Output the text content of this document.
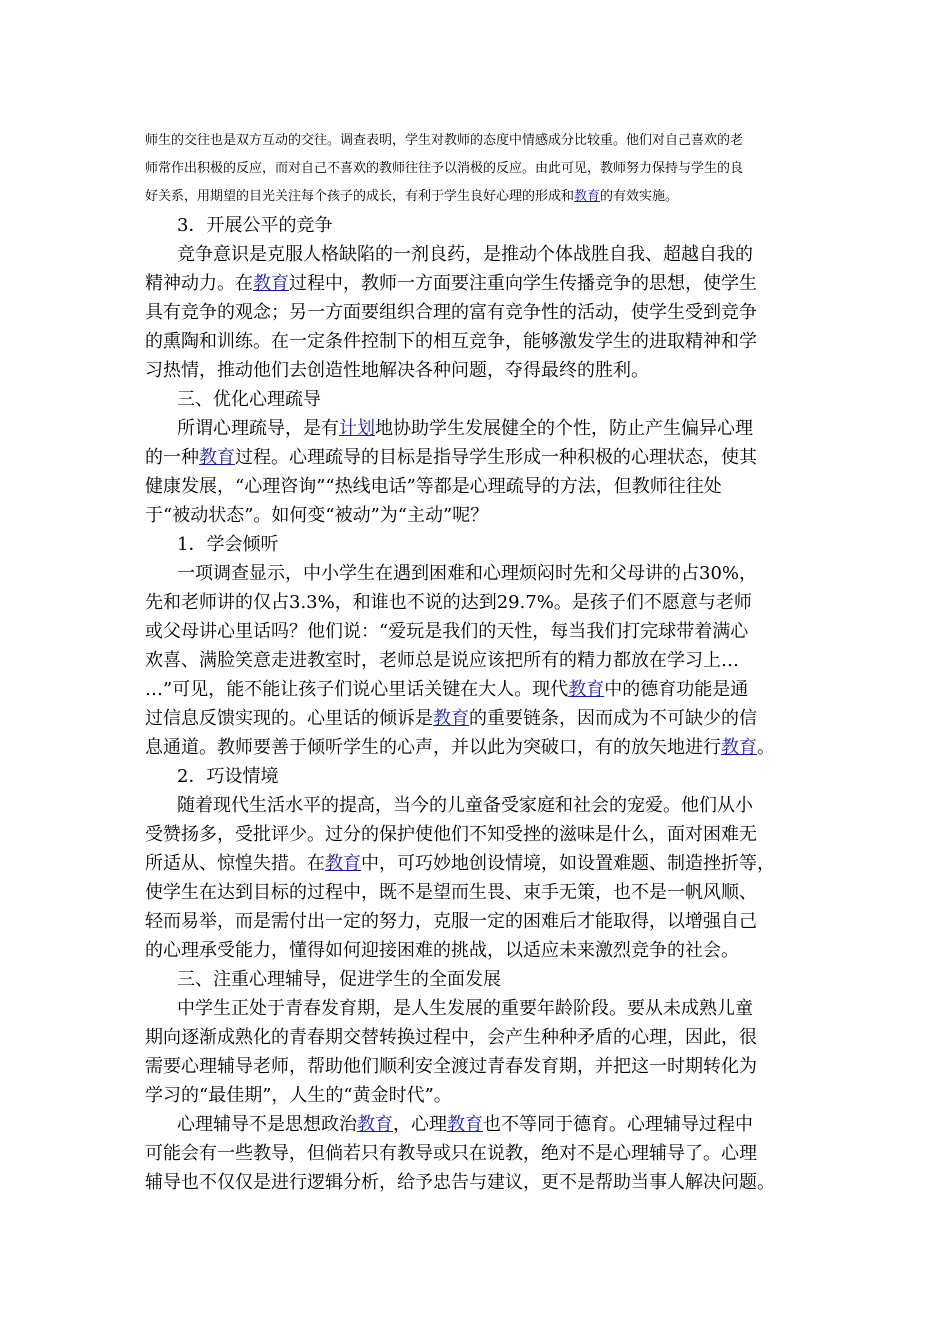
师生的交往也是双方互动的交往。调查表明，学生对教师的态度中情感成分比较重。他们对自己喜欢的老
师常作出积极的反应，而对自己不喜欢的教师往往予以消极的反应。由此可见，教师努力保持与学生的良
好关系，用期望的目光关注每个孩子的成长，有利于学生良好心理的形成和教育的有效实施。
3．开展公平的竞争
竞争意识是克服人格缺陷的一剂良药，是推动个体战胜自我、超越自我的
精神动力。在教育过程中，教师一方面要注重向学生传播竞争的思想，使学生
具有竞争的观念；另一方面要组织合理的富有竞争性的活动，使学生受到竞争
的熏陶和训练。在一定条件控制下的相互竞争，能够激发学生的进取精神和学
习热情，推动他们去创造性地解决各种问题，夺得最终的胜利。
三、优化心理疏导
所谓心理疏导，是有计划地协助学生发展健全的个性，防止产生偏异心理
的一种教育过程。心理疏导的目标是指导学生形成一种积极的心理状态，使其
健康发展，“心理咨询”“热线电话”等都是心理疏导的方法，但教师往往处
于“被动状态”。如何变“被动”为“主动”呢？
1．学会倾听
一项调查显示，中小学生在遇到困难和心理烦闷时先和父母讲的占30%，
先和老师讲的仅占3.3%，和谁也不说的达到29.7%。是孩子们不愿意与老师
或父母讲心里话吗？他们说：“爱玩是我们的天性，每当我们打完球带着满心
欢喜、满脸笑意走进教室时，老师总是说应该把所有的精力都放在学习上…
…”可见，能不能让孩子们说心里话关键在大人。现代教育中的德育功能是通
过信息反馈实现的。心里话的倾诉是教育的重要链条，因而成为不可缺少的信
息通道。教师要善于倾听学生的心声，并以此为突破口，有的放矢地进行教育。
2．巧设情境
随着现代生活水平的提高，当今的儿童备受家庭和社会的宠爱。他们从小
受赞扬多，受批评少。过分的保护使他们不知受挫的滋味是什么，面对困难无
所适从、惊惶失措。在教育中，可巧妙地创设情境，如设置难题、制造挫折等，
使学生在达到目标的过程中，既不是望而生畏、束手无策，也不是一帆风顺、
轻而易举，而是需付出一定的努力，克服一定的困难后才能取得，以增强自己
的心理承受能力，懂得如何迎接困难的挑战，以适应未来激烈竞争的社会。
三、注重心理辅导，促进学生的全面发展
中学生正处于青春发育期，是人生发展的重要年龄阶段。要从未成熟儿童
期向逐渐成熟化的青春期交替转换过程中，会产生种种矛盾的心理，因此，很
需要心理辅导老师，帮助他们顺利安全渡过青春发育期，并把这一时期转化为
学习的“最佳期”，人生的“黄金时代”。
心理辅导不是思想政治教育，心理教育也不等同于德育。心理辅导过程中
可能会有一些教导，但倘若只有教导或只在说教，绝对不是心理辅导了。心理
辅导也不仅仅是进行逻辑分析，给予忠告与建议，更不是帮助当事人解决问题。
